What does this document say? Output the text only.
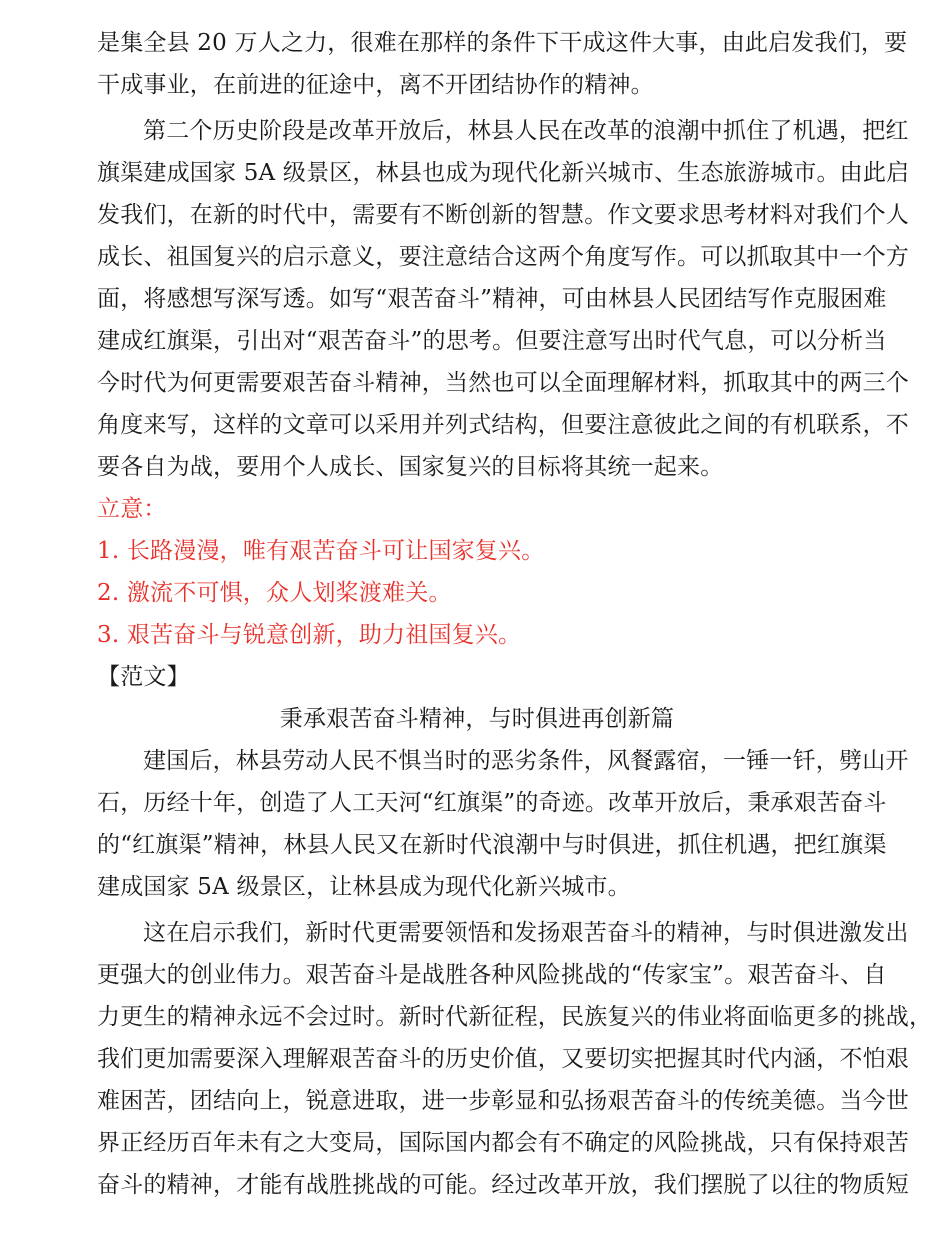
是集全县 20 万人之力，很难在那样的条件下干成这件大事，由此启发我们，要
干成事业，在前进的征途中，离不开团结协作的精神。
第二个历史阶段是改革开放后，林县人民在改革的浪潮中抓住了机遇，把红
旗渠建成国家 5A 级景区，林县也成为现代化新兴城市、生态旅游城市。由此启
发我们，在新的时代中，需要有不断创新的智慧。作文要求思考材料对我们个人
成长、祖国复兴的启示意义，要注意结合这两个角度写作。可以抓取其中一个方
面，将感想写深写透。如写“艰苦奋斗”精神，可由林县人民团结写作克服困难
建成红旗渠，引出对“艰苦奋斗”的思考。但要注意写出时代气息，可以分析当
今时代为何更需要艰苦奋斗精神，当然也可以全面理解材料，抓取其中的两三个
角度来写，这样的文章可以采用并列式结构，但要注意彼此之间的有机联系，不
要各自为战，要用个人成长、国家复兴的目标将其统一起来。
立意：
1. 长路漫漫，唯有艰苦奋斗可让国家复兴。
2. 激流不可惧，众人划桨渡难关。
3. 艰苦奋斗与锐意创新，助力祖国复兴。
【范文】
秉承艰苦奋斗精神，与时俱进再创新篇
建国后，林县劳动人民不惧当时的恶劣条件，风餐露宿，一锤一钎，劈山开
石，历经十年，创造了人工天河“红旗渠”的奇迹。改革开放后，秉承艰苦奋斗
的“红旗渠”精神，林县人民又在新时代浪潮中与时俱进，抓住机遇，把红旗渠
建成国家 5A 级景区，让林县成为现代化新兴城市。
这在启示我们，新时代更需要领悟和发扬艰苦奋斗的精神，与时俱进激发出
更强大的创业伟力。艰苦奋斗是战胜各种风险挑战的“传家宝”。艰苦奋斗、自
力更生的精神永远不会过时。新时代新征程，民族复兴的伟业将面临更多的挑战，
我们更加需要深入理解艰苦奋斗的历史价值，又要切实把握其时代内涵，不怕艰
难困苦，团结向上，锐意进取，进一步彰显和弘扬艰苦奋斗的传统美德。当今世
界正经历百年未有之大变局，国际国内都会有不确定的风险挑战，只有保持艰苦
奋斗的精神，才能有战胜挑战的可能。经过改革开放，我们摆脱了以往的物质短
